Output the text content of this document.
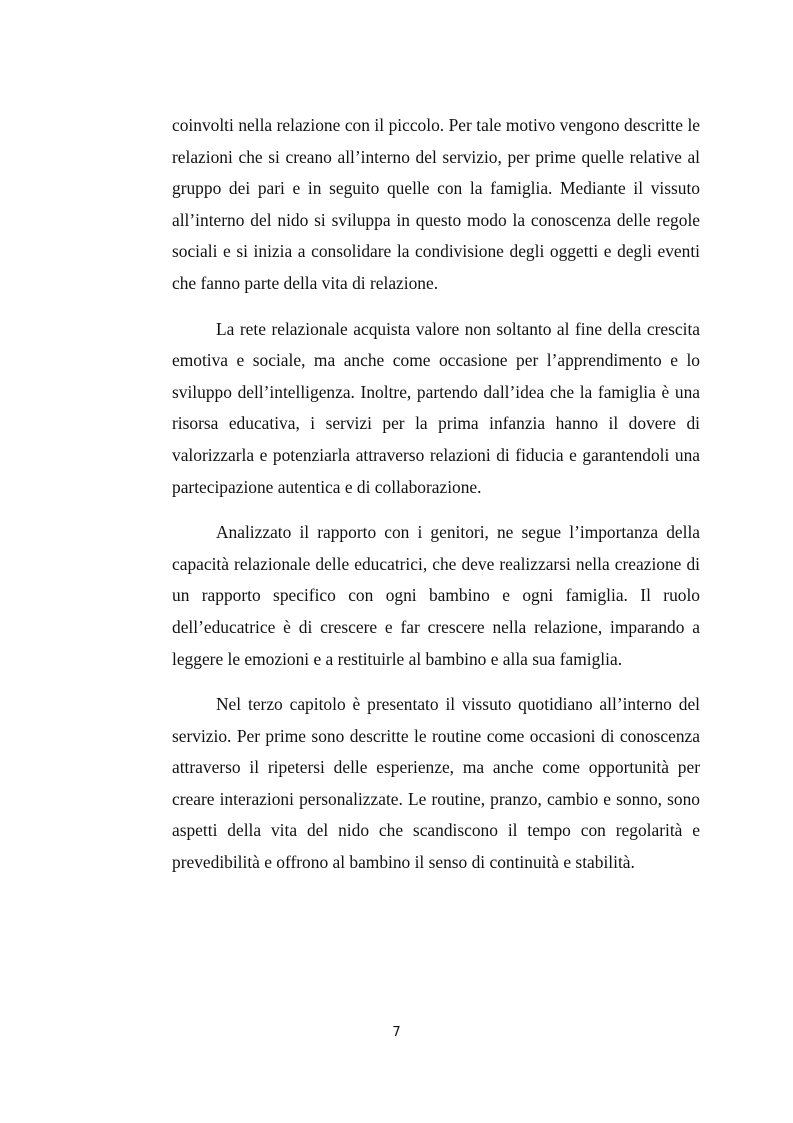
coinvolti nella relazione con il piccolo. Per tale motivo vengono descritte le relazioni che si creano all’interno del servizio, per prime quelle relative al gruppo dei pari e in seguito quelle con la famiglia. Mediante il vissuto all’interno del nido si sviluppa in questo modo la conoscenza delle regole sociali e si inizia a consolidare la condivisione degli oggetti e degli eventi che fanno parte della vita di relazione.

La rete relazionale acquista valore non soltanto al fine della crescita emotiva e sociale, ma anche come occasione per l’apprendimento e lo sviluppo dell’intelligenza. Inoltre, partendo dall’idea che la famiglia è una risorsa educativa, i servizi per la prima infanzia hanno il dovere di valorizzarla e potenziarla attraverso relazioni di fiducia e garantendoli una partecipazione autentica e di collaborazione.

Analizzato il rapporto con i genitori, ne segue l’importanza della capacità relazionale delle educatrici, che deve realizzarsi nella creazione di un rapporto specifico con ogni bambino e ogni famiglia. Il ruolo dell’educatrice è di crescere e far crescere nella relazione, imparando a leggere le emozioni e a restituirle al bambino e alla sua famiglia.

Nel terzo capitolo è presentato il vissuto quotidiano all’interno del servizio. Per prime sono descritte le routine come occasioni di conoscenza attraverso il ripetersi delle esperienze, ma anche come opportunità per creare interazioni personalizzate. Le routine, pranzo, cambio e sonno, sono aspetti della vita del nido che scandiscono il tempo con regolarità e prevedibilità e offrono al bambino il senso di continuità e stabilità.

7
